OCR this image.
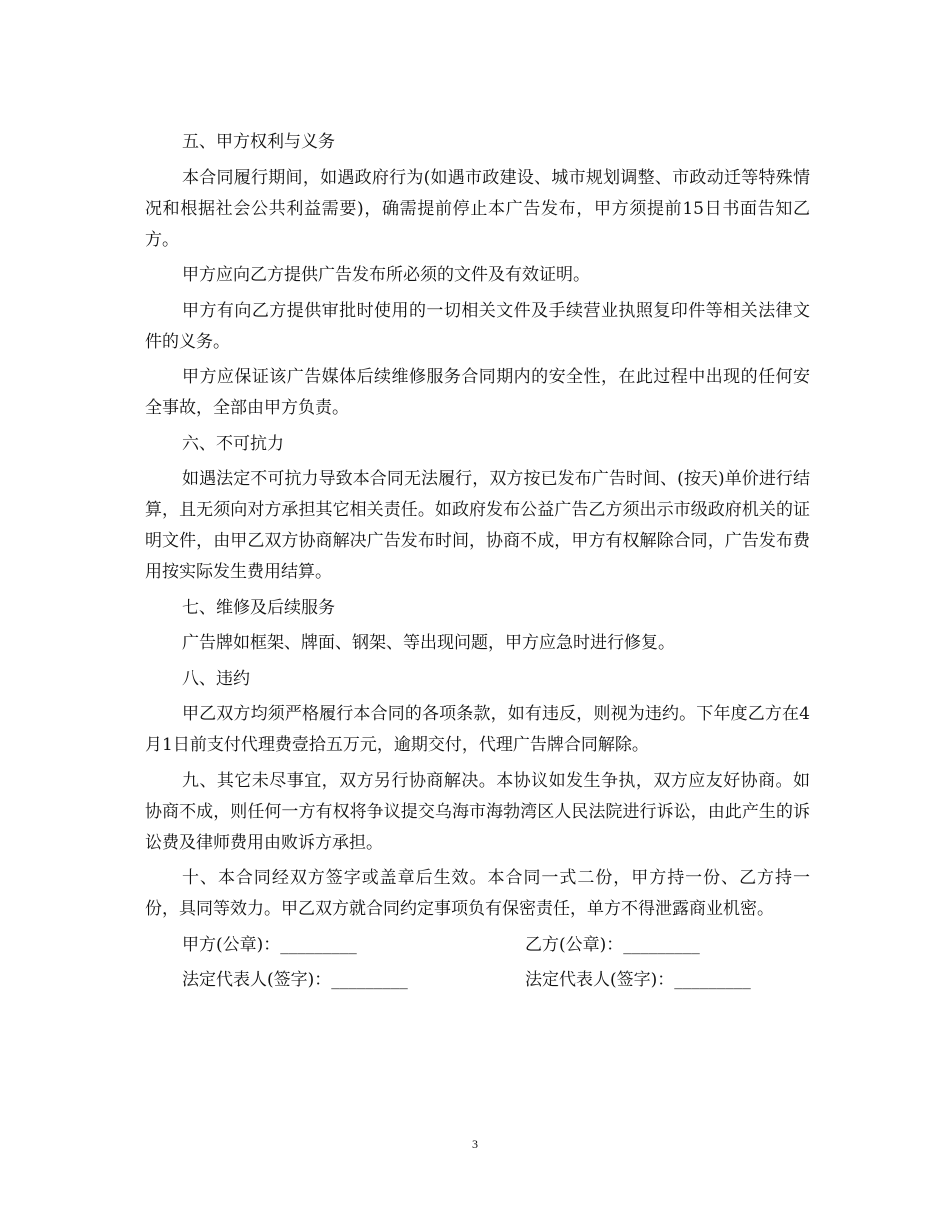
五、甲方权利与义务

本合同履行期间，如遇政府行为(如遇市政建设、城市规划调整、市政动迁等特殊情况和根据社会公共利益需要)，确需提前停止本广告发布，甲方须提前15日书面告知乙方。

甲方应向乙方提供广告发布所必须的文件及有效证明。

甲方有向乙方提供审批时使用的一切相关文件及手续营业执照复印件等相关法律文件的义务。

甲方应保证该广告媒体后续维修服务合同期内的安全性，在此过程中出现的任何安全事故，全部由甲方负责。

六、不可抗力

如遇法定不可抗力导致本合同无法履行，双方按已发布广告时间、(按天)单价进行结算，且无须向对方承担其它相关责任。如政府发布公益广告乙方须出示市级政府机关的证明文件，由甲乙双方协商解决广告发布时间，协商不成，甲方有权解除合同，广告发布费用按实际发生费用结算。

七、维修及后续服务

广告牌如框架、牌面、钢架、等出现问题，甲方应急时进行修复。

八、违约

甲乙双方均须严格履行本合同的各项条款，如有违反，则视为违约。下年度乙方在4月1日前支付代理费壹拾五万元，逾期交付，代理广告牌合同解除。

九、其它未尽事宜，双方另行协商解决。本协议如发生争执，双方应友好协商。如协商不成，则任何一方有权将争议提交乌海市海勃湾区人民法院进行诉讼，由此产生的诉讼费及律师费用由败诉方承担。

十、本合同经双方签字或盖章后生效。本合同一式二份，甲方持一份、乙方持一份，具同等效力。甲乙双方就合同约定事项负有保密责任，单方不得泄露商业机密。

甲方(公章)：_________	乙方(公章)：_________
法定代表人(签字)：_________	法定代表人(签字)：_________
3
